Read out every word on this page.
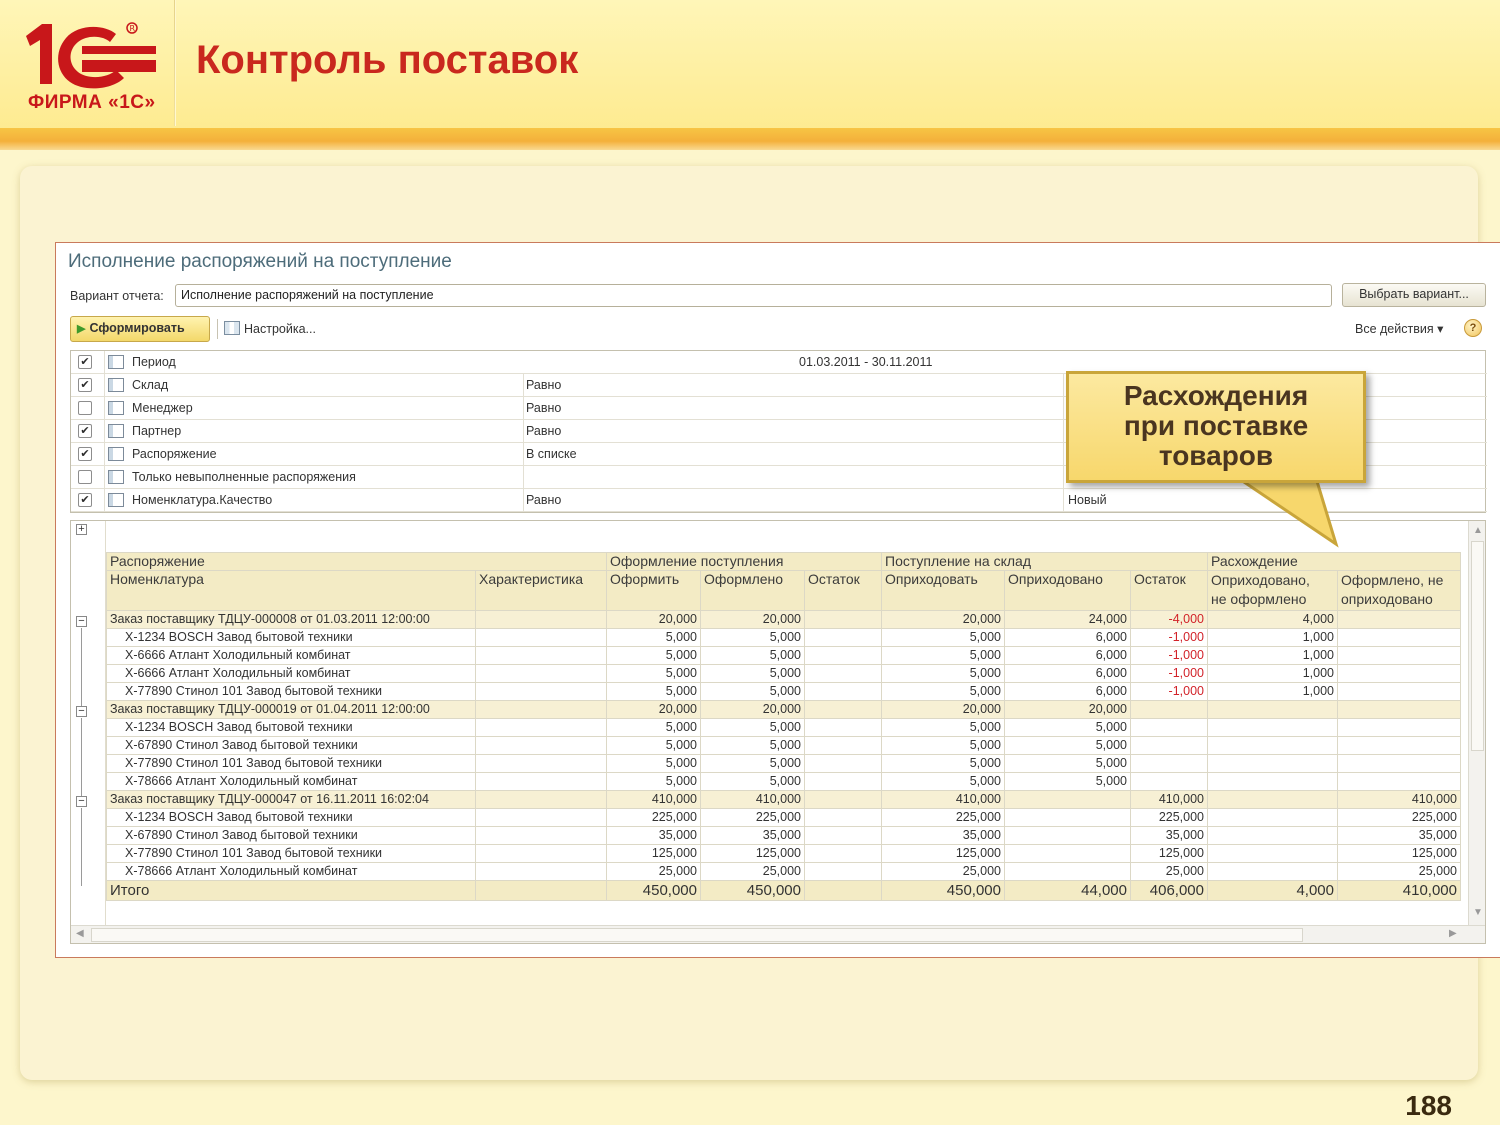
R
ФИРМА «1С»
Контроль поставок
Исполнение распоряжений на поступление
Вариант отчета:	Исполнение распоряжений на поступление	Выбрать вариант...
▶ Сформировать	Настройка...	Все действия ▾	?
✔	Период	01.03.2011 - 30.11.2011
✔	Склад	Равно
Менеджер	Равно
✔	Партнер	Равно
✔	Распоряжение	В списке
Только невыполненные распоряжения
✔	Номенклатура.Качество	Равно	Новый
+
−
−
−
Распоряжение		Оформление поступления			Поступление на склад			Расхождение	
Номенклатура	Характеристика	Оформить	Оформлено	Остаток	Оприходовать	Оприходовано	Остаток	Оприходовано,
не оформлено	Оформлено, не
оприходовано
Заказ поставщику ТДЦУ-000008 от 01.03.2011 12:00:00		20,000	20,000		20,000	24,000	-4,000	4,000	
X-1234 BOSCH Завод бытовой техники		5,000	5,000		5,000	6,000	-1,000	1,000	
X-6666 Атлант Холодильный комбинат		5,000	5,000		5,000	6,000	-1,000	1,000	
X-6666 Атлант Холодильный комбинат		5,000	5,000		5,000	6,000	-1,000	1,000	
X-77890 Стинол 101 Завод бытовой техники		5,000	5,000		5,000	6,000	-1,000	1,000	
Заказ поставщику ТДЦУ-000019 от 01.04.2011 12:00:00		20,000	20,000		20,000	20,000			
X-1234 BOSCH Завод бытовой техники		5,000	5,000		5,000	5,000			
X-67890 Стинол Завод бытовой техники		5,000	5,000		5,000	5,000			
X-77890 Стинол 101 Завод бытовой техники		5,000	5,000		5,000	5,000			
X-78666 Атлант Холодильный комбинат		5,000	5,000		5,000	5,000			
Заказ поставщику ТДЦУ-000047 от 16.11.2011 16:02:04		410,000	410,000		410,000		410,000		410,000
X-1234 BOSCH Завод бытовой техники		225,000	225,000		225,000		225,000		225,000
X-67890 Стинол Завод бытовой техники		35,000	35,000		35,000		35,000		35,000
X-77890 Стинол 101 Завод бытовой техники		125,000	125,000		125,000		125,000		125,000
X-78666 Атлант Холодильный комбинат		25,000	25,000		25,000		25,000		25,000
Итого		450,000	450,000		450,000	44,000	406,000	4,000	410,000
▲
▼
◀	▶
Расхождения
при поставке
товаров
188
